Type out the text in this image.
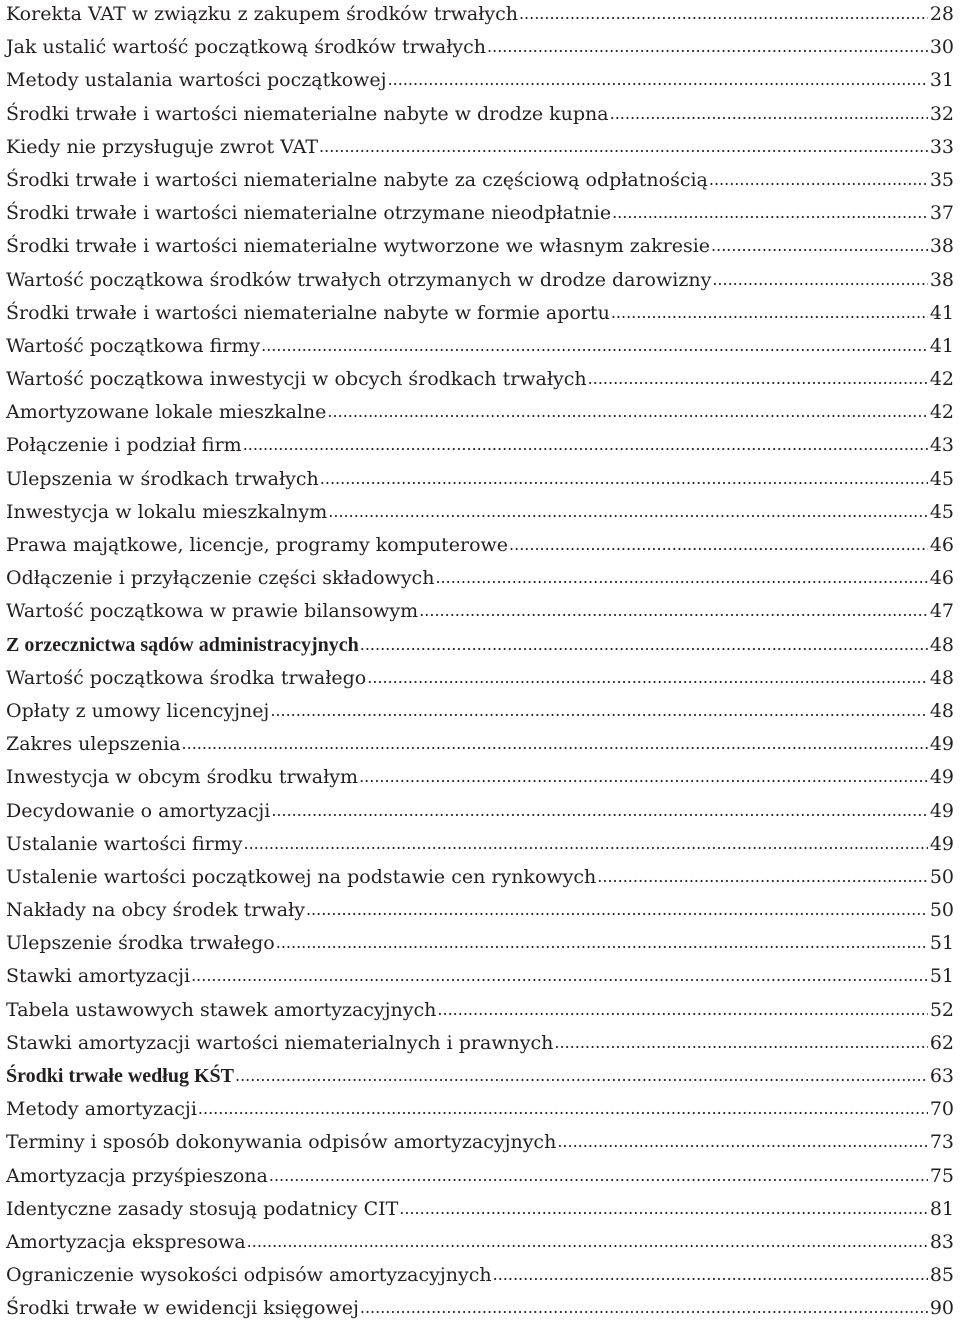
Korekta VAT w związku z zakupem środków trwałych .....	28
Jak ustalić wartość początkową środków trwałych .....	30
Metody ustalania wartości początkowej .....	31
Środki trwałe i wartości niematerialne nabyte w drodze kupna .....	32
Kiedy nie przysługuje zwrot VAT .....	33
Środki trwałe i wartości niematerialne nabyte za częściową odpłatnością .....	35
Środki trwałe i wartości niematerialne otrzymane nieodpłatnie .....	37
Środki trwałe i wartości niematerialne wytworzone we własnym zakresie .....	38
Wartość początkowa środków trwałych otrzymanych w drodze darowizny .....	38
Środki trwałe i wartości niematerialne nabyte w formie aportu .....	41
Wartość początkowa firmy .....	41
Wartość początkowa inwestycji w obcych środkach trwałych .....	42
Amortyzowane lokale mieszkalne .....	42
Połączenie i podział firm .....	43
Ulepszenia w środkach trwałych .....	45
Inwestycja w lokalu mieszkalnym .....	45
Prawa majątkowe, licencje, programy komputerowe .....	46
Odłączenie i przyłączenie części składowych .....	46
Wartość początkowa w prawie bilansowym .....	47
Z orzecznictwa sądów administracyjnych .....	48
Wartość początkowa środka trwałego .....	48
Opłaty z umowy licencyjnej .....	48
Zakres ulepszenia .....	49
Inwestycja w obcym środku trwałym .....	49
Decydowanie o amortyzacji .....	49
Ustalanie wartości firmy .....	49
Ustalenie wartości początkowej na podstawie cen rynkowych .....	50
Nakłady na obcy środek trwały .....	50
Ulepszenie środka trwałego .....	51
Stawki amortyzacji .....	51
Tabela ustawowych stawek amortyzacyjnych .....	52
Stawki amortyzacji wartości niematerialnych i prawnych .....	62
Środki trwałe według KŚT .....	63
Metody amortyzacji .....	70
Terminy i sposób dokonywania odpisów amortyzacyjnych .....	73
Amortyzacja przyśpieszona .....	75
Identyczne zasady stosują podatnicy CIT .....	81
Amortyzacja ekspresowa .....	83
Ograniczenie wysokości odpisów amortyzacyjnych .....	85
Środki trwałe w ewidencji księgowej .....	90
